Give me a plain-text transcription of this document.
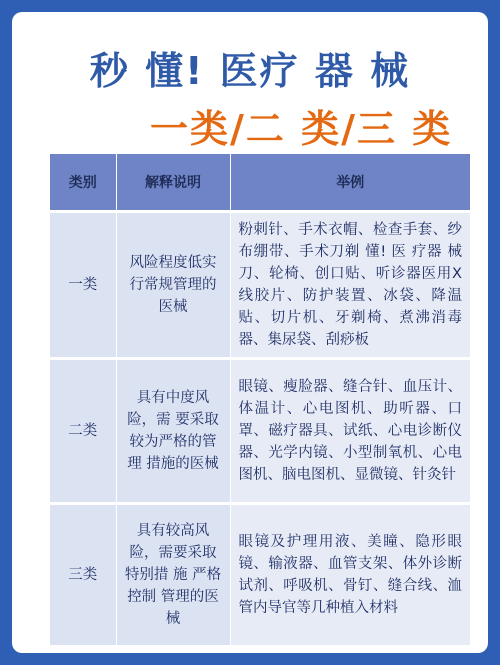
秒 懂! 医疗 器 械
一类/二 类/三 类
类别	解释说明	举例
一类	风险程度低实行常规管理的医械	粉刺针、手术衣帽、检查手套、纱布绷带、手术刀剃 懂! 医 疗器 械刀、轮椅、创口贴、听诊器医用X线胶片、防护装置、冰袋、降温贴、切片机、牙剃椅、煮沸消毒器、集尿袋、刮痧板
二类	具有中度风险，需 要采取较为严格的管理 措施的医械	眼镜、瘦脸器、缝合针、血压计、体温计、心电图机、助听器、口罩、磁疗器具、试纸、心电诊断仪器、光学内镜、小型制氧机、心电图机、脑电图机、显微镜、针灸针
三类	具有较高风险，需要采取 特别措 施 严格控制 管理的医械	眼镜及护理用液、美瞳、隐形眼镜、输液器、血管支架、体外诊断试剂、呼吸机、骨钉、缝合线、洫管内导官等几种植入材料
